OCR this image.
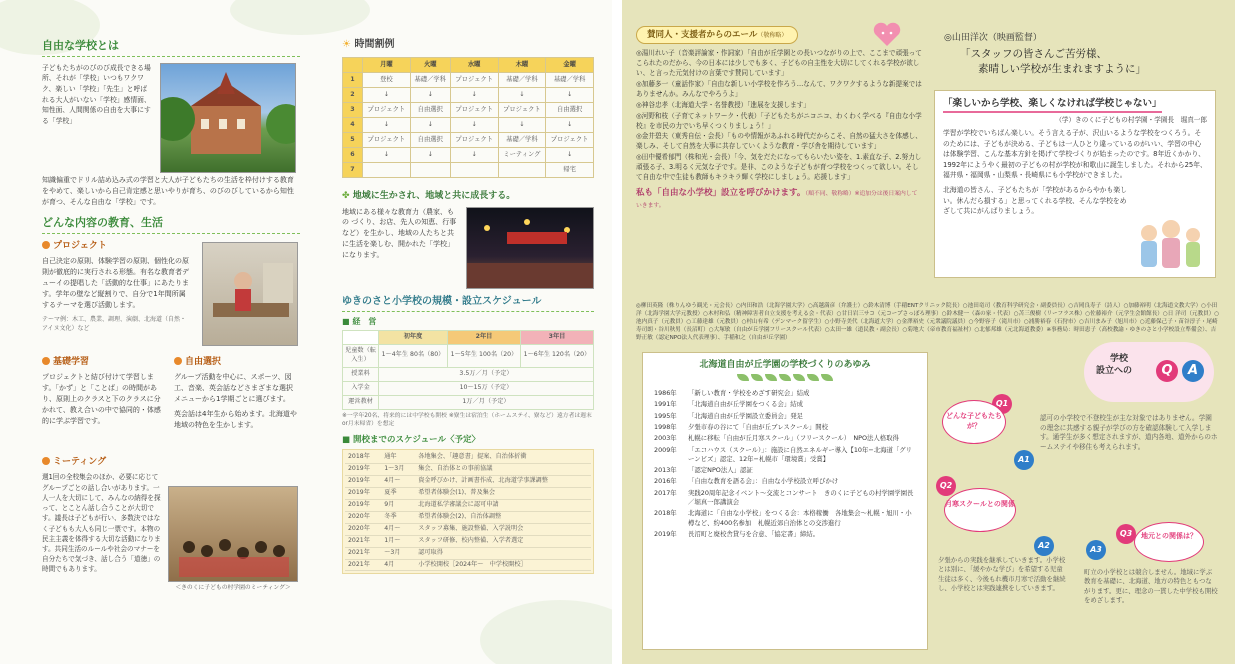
自由な学校とは

子どもたちがのびのび成長できる場所、それが「学校」いつもワクワク、楽しい「学校」「先生」と呼ばれる大人がいない「学校」感情面、知性面、人間関係の自由を大事にする「学校」

知識偏重でドリル詰め込み式の学習と大人が子どもたちの生活を枠付けする教育をやめて、楽しいから自己肯定感と思いやりが育ち、のびのびしているから知性が育つ、そんな自由な「学校」です。

どんな内容の教育、生活
プロジェクト

自己決定の原則、体験学習の原則、個性化の原則が徹底的に実行される形態。有名な教育者デューイの提唱した「活動的な仕事」にあたります。学年の壁など縦割りで、自分で1年間所属するテーマを選び活動します。

テーマ例：木工、農業、調理、演劇、北海道（自然・アイヌ文化）など

基礎学習

プロジェクトと結び付けて学習します。「かず」と「ことば」の時間があり、原則上のクラスと下のクラスに分かれて、教え合いの中で協同的・体感的に学ぶ学習です。

自由選択

グループ活動を中心に、スポーツ、図工、音楽、英会話などさまざまな選択メニューから1学期ごとに選びます。

英会話は4年生から始めます。北海道や地域の特色を生かします。

ミーティング

週1回の全校集会のほか、必要に応じてグループごとの話し合いがあります。一人一人を大切にして、みんなの納得を探って、とことん話し合うことが大切です。議長は子どもが行い、多数決ではなく子どもも大人も同じ一票です。本物の民主主義を体得する大切な活動になります。共同生活のルールや社会のマナーを自分たちで気づき、話し合う「道徳」の時間でもあります。

＜きのくに子どもの村学園のミーティング＞
☀ 時間割例
	月曜	火曜	水曜	木曜	金曜
1	登校	基礎／学科	プロジェクト	基礎／学科	基礎／学科
2	↓	↓	↓	↓	↓
3	プロジェクト	自由選択	プロジェクト	プロジェクト	自由選択
4	↓	↓	↓	↓	↓
5	プロジェクト	自由選択	プロジェクト	基礎／学科	プロジェクト
6	↓	↓	↓	ミーティング	↓
7					帰宅
✤ 地域に生かされ、地域と共に成長する。

地域にある様々な教育力（農家、もの づくり、お店、先人の知恵、行事など）を生かし、地域の人たちと共に生活を楽しむ、開かれた「学校」になります。

ゆきのさと小学校の規模・設立スケジュール
■ 経　営
	初年度	2年目	3年目
児童数（転入生）	1〜4年生 80名（80）	1〜5年生 100名（20）	1〜6年生 120名（20）
授業料	3.5万／月（予定）		
入学金	10〜15万（予定）		
運営教材	1万／月（予定）		
※一学年20名、将来的には中学校も開校 ※寮生は宿泊生（ホームステイ、寮など）遠方者は週末or月末帰省）を想定
■ 開校までのスケジュール〈予定〉
2018年	通年	各地集会、「趣意書」提案、自治体折衝
2019年	1〜3月	集会、自治体との事前協議
2019年	4月〜	資金呼びかけ、計画書作成、北海道学事課調整
2019年	夏季	希望者体験会(1)、普及集会
2019年	9月	北海道私学審議会に認可申請
2020年	冬季	希望者体験会(2)、自治体調整
2020年	4月〜	スタッフ募集、施設整備、入学説明会
2021年	1月〜	スタッフ研修、校内整備、入学者選定
2021年	〜3月	認可取得
2021年	4月	小学校開校［2024年〜　中学校開校］
賛同人・支援者からのエール（敬称略）
◎湯川れい子（音楽評論家・作詞家）「自由が丘学園との長いつながりの上で、ここまで頑張ってこられたのだから、今の日本には少しでも多く、子どもの自主性を大切にしてくれる学校が欲しい、と言った元気付けの言葉です賛同しています」
◎加藤多一（童話作家）「自由な新しい小学校を作ろう…なんて、ワクワクするような新提案ではありませんか。みんなでやろうよ」
◎神谷忠孝（北海道大学・名誉教授）「進展を支援します」
◎河野和枝（子育てネットワーク・代表）「子どもたちがニコニコ、わくわく学べる『自由な小学校』を市民の力でいち早くつくりましょう！」
◎金井碧夫（東秀自伝・会長）「ものや情報があふれる時代だからこそ、自然の猛大さを体感し、楽しみ、そして自然を大事に共存していくような教育・学び舎を期待しています」
◎田中優希郁門（株和光・会長）「今、気をだたになってもらいたい姿を、1.素直な子、2.努力し頑張る子、3.明るく元気な子です。是非、このような子どもが育つ学校をつくって欲しい。そして自由な中で生徒も教師もキラキラ輝く学校にしましょう。応援します」
私も「自由な小学校」設立を呼びかけます。（順不同、敬称略）※追加分は後日案内していきます。
◎柳田英隆（株りんゆう観光・元会長）○内田和浩（北海学園大学）○高越満彦（弁護士）○鈴木清博（手稲ENTクリニック院長）○池田竜司（教育科学研究会・副委員長）○吉岡良寿子（詩人）○加藤裕明（北海道文教大学）○小田 洋（北海学園大学元教授）○木村和弘（精神障害者自立支援を考える会・代表）○甘日岩三サコ（元コープさっぽろ理事）○鈴木健一（森の家・代表）○苫三俊樹（リーフラス株）○佐藤裕介（元学生会館館長）○日 洋司（元教員）○池内真子（元教員）○工藤達雄（元教員）○村山有希（デンマーク留学生）○小野寺美代（北海道大学）○金澤裕史（元衆議院議員）○今野容子（滝川市）○浦勝裕春（石狩市）○吉川まみ子（旭川市）○近藤保己子・苗谷淳子・尾崎寿司朗・谷川秋男（長沼町）○大塚敏（自由が丘学園フリースクール代表）○太田一雄（道民教・副会長）○菊地大（帝市教育福祉村）○北郁邦雄（元北海道教委）※事務局：時田恵子（高校教諭・ゆきのさと小学校設立準備会）、吉野正敏（認定NPO法人代表理事）、手稲和之（自由が丘学園）
北海道自由が丘学園の学校づくりのあゆみ
1986年	「新しい教育・学校をめざす研究会」結成
1991年	「北海道自由が丘学園をつくる会」結成
1995年	「北海道自由が丘学園設立委員会」発足
1998年	夕張市春の谷にて「自由が丘ブレスクール」開校
2003年	札幌に移転「自由が丘月寒スクール」（フリースクール）　NPO法人格取得
2009年	「エコハウス（スクール）」：施設に自然エネルギー導入【10年−北海道「グリーンビズ」認定、12年−札幌市「環境賞」受賞】
2013年	「認定NPO法人」認証
2016年	「自由な教育を語る会」：自由な小学校設立呼びかけ
2017年	実践20周年記念イベント〜交流とコンサート　きのくに子どもの村学園学園長／堀真一郎講演会
2018年	北海道に「自由な小学校」をつくる会：本格稼働　各地集会〜札幌・旭川・小樽など、約400名参加　札幌近郊自治体との交渉進行
2019年	長沼町と廃校舎貸与を合意、「協定書」締結。
◎山田洋次（映画監督）
「スタッフの皆さんご苦労様、
素晴しい学校が生まれますように」
「楽しいから学校、楽しくなければ学校じゃない」
（学）きのくに子どもの村学園・学園長　堀真一郎

学習が学校でいちばん楽しい。そう言える子が、沢山いるような学校をつくろう。そのためには、子どもが決める、子どもは一人ひとり違っているのがいい、学習の中心は体験学習、こんな基本方針を掲げて学校づくりが始まったのです。8年近くかかり、1992年にようやく最初の子どもの村が学校が和歌山に誕生しました。それから25年、福井県・福岡県・山梨県・長崎県にも小学校ができました。

北海道の皆さん、子どもたちが「学校があるからやかも楽しい。休んだら損する」と思ってくれる学校、そんな学校をめざして共にがんばりましょう。

学校
設立への	Q	A
Q1
どんな子どもたちが？
A1
認可の小学校で不登校生が主な対象ではありません。学園の理念に共感する親子が学びの方を確認体験して入学します。通学生が多く想定されますが、道内各地、道外からのホームステイや移住も考えられます。
Q2
月寒スクールとの関係
A2
夕張からの実践を継承していきます。小学校とは別に、「緩やかな学び」を希望する児童生徒は多く、今後もれ機市月寒で活動を継続し、小学校とは実践連携をしていきます。
Q3	地元との関係は？
A3
町立の小学校とは競合しません。地域に学ぶ教育を基礎に、北海道、地方の特色ともつながります。更に、理念の一貫した中学校も開校をめざします。
